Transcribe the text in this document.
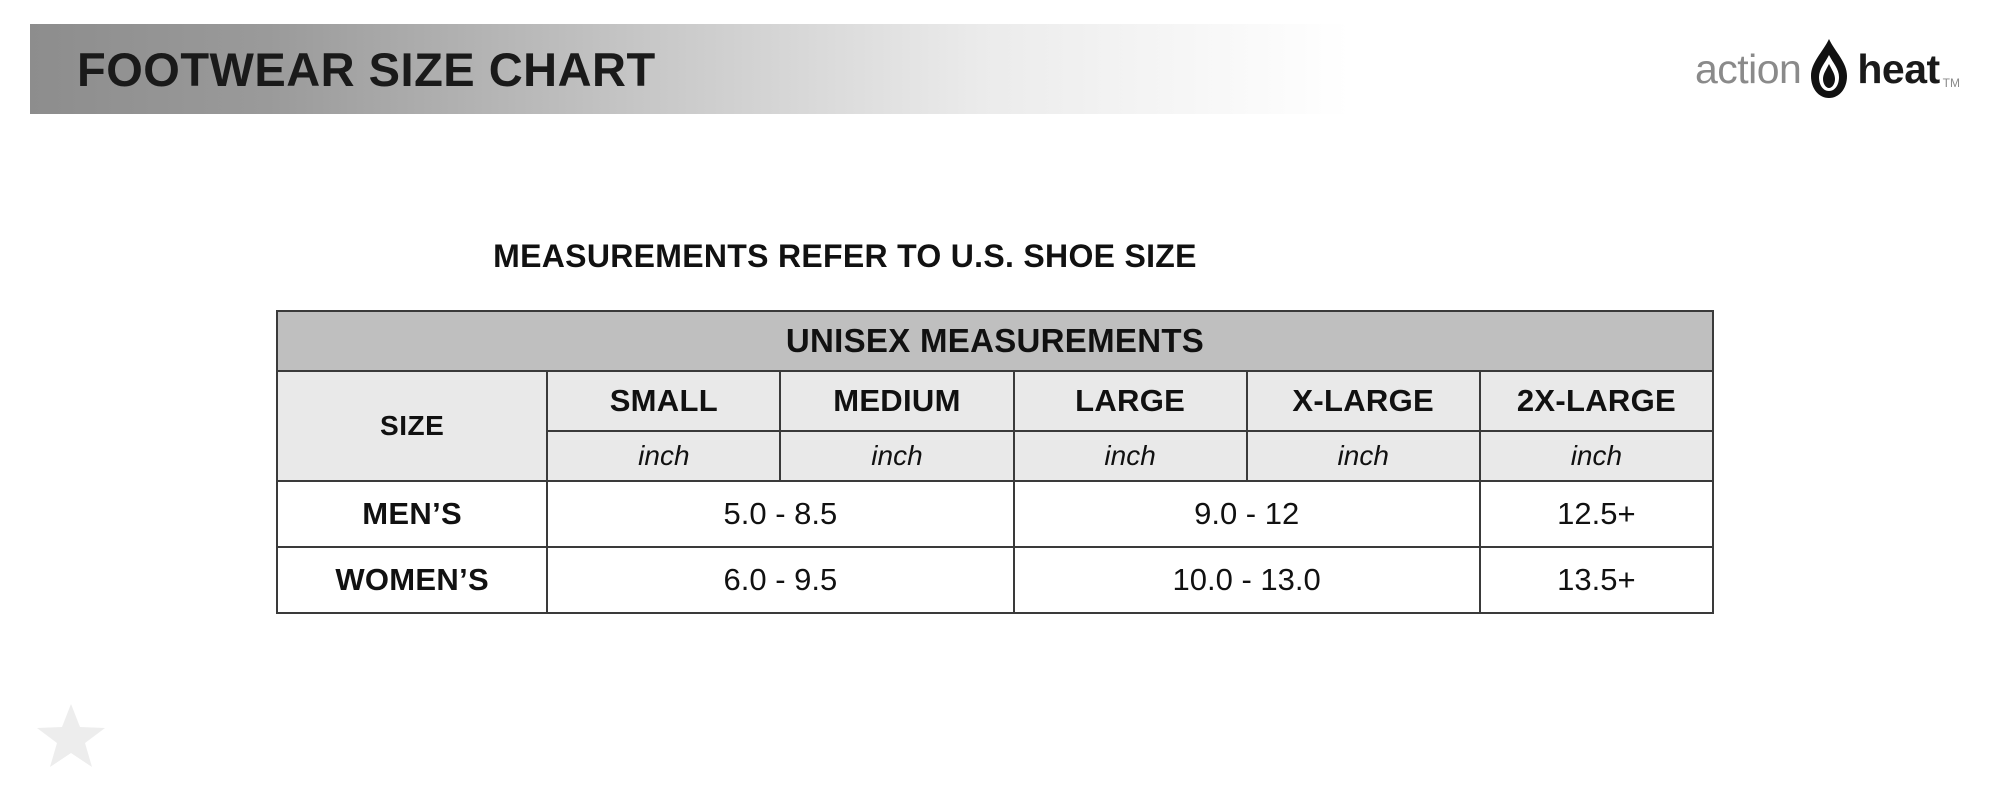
FOOTWEAR SIZE CHART	action heat TM
MEASUREMENTS REFER TO U.S. SHOE SIZE
UNISEX MEASUREMENTS					
SIZE	SMALL	MEDIUM	LARGE	X-LARGE	2X-LARGE
	inch	inch	inch	inch	inch
MEN’S	5.0 - 8.5		9.0 - 12		12.5+
WOMEN’S	6.0 - 9.5		10.0 - 13.0		13.5+
